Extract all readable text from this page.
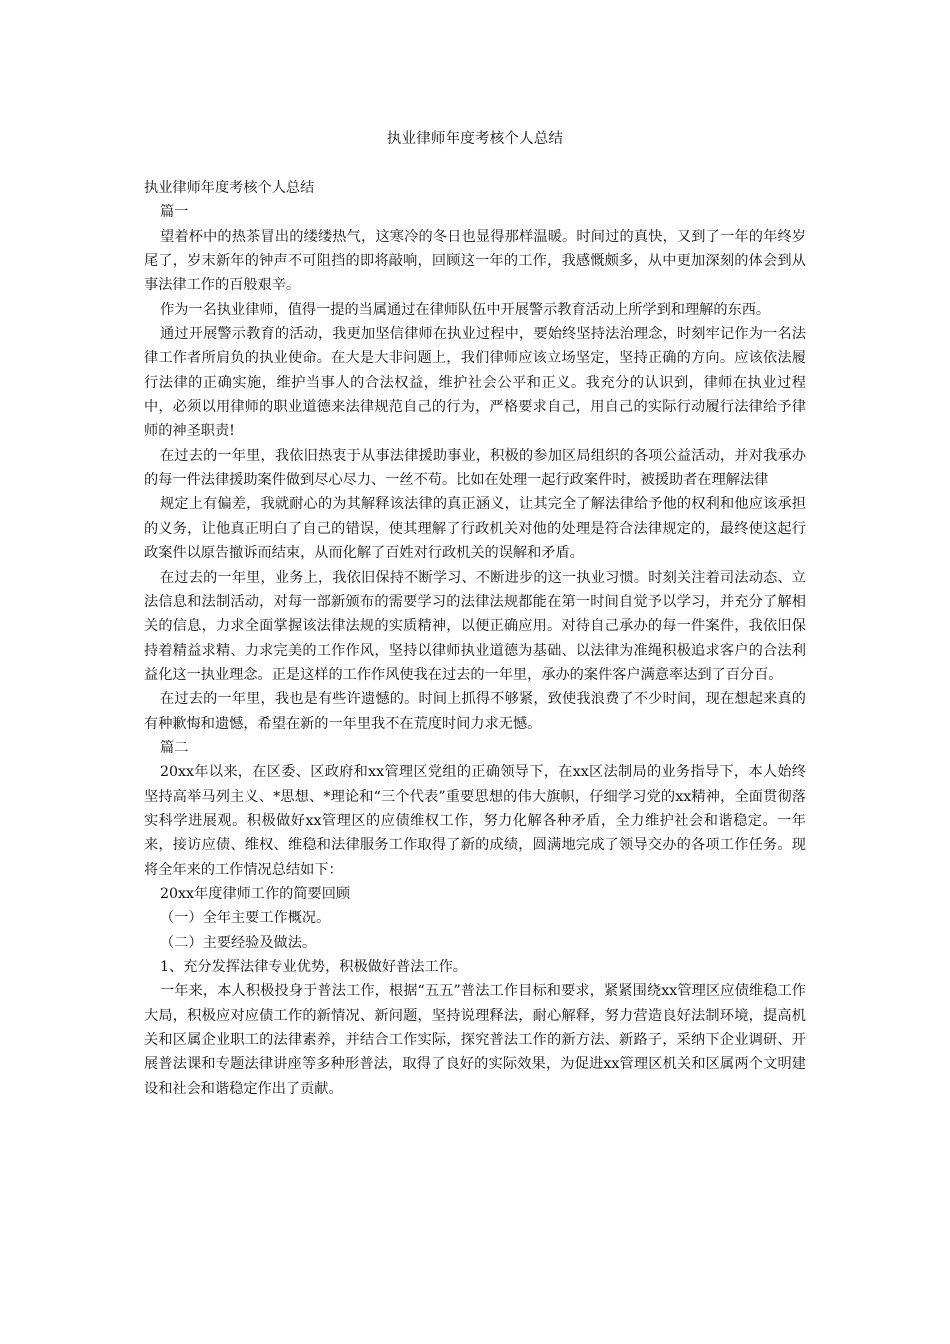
执业律师年度考核个人总结

执业律师年度考核个人总结

篇一

望着杯中的热茶冒出的缕缕热气，这寒冷的冬日也显得那样温暖。时间过的真快，又到了一年的年终岁尾了，岁末新年的钟声不可阻挡的即将敲响，回顾这一年的工作，我感慨颇多，从中更加深刻的体会到从事法律工作的百般艰辛。

作为一名执业律师，值得一提的当属通过在律师队伍中开展警示教育活动上所学到和理解的东西。

通过开展警示教育的活动，我更加坚信律师在执业过程中，要始终坚持法治理念，时刻牢记作为一名法律工作者所肩负的执业使命。在大是大非问题上，我们律师应该立场坚定，坚持正确的方向。应该依法履行法律的正确实施，维护当事人的合法权益，维护社会公平和正义。我充分的认识到，律师在执业过程中，必须以用律师的职业道德来法律规范自己的行为，严格要求自己，用自己的实际行动履行法律给予律师的神圣职责!

在过去的一年里，我依旧热衷于从事法律援助事业，积极的参加区局组织的各项公益活动，并对我承办的每一件法律援助案件做到尽心尽力、一丝不苟。比如在处理一起行政案件时，被援助者在理解法律

规定上有偏差，我就耐心的为其解释该法律的真正涵义，让其完全了解法律给予他的权利和他应该承担的义务，让他真正明白了自己的错误，使其理解了行政机关对他的处理是符合法律规定的，最终使这起行政案件以原告撤诉而结束，从而化解了百姓对行政机关的误解和矛盾。

在过去的一年里，业务上，我依旧保持不断学习、不断进步的这一执业习惯。时刻关注着司法动态、立法信息和法制活动，对每一部新颁布的需要学习的法律法规都能在第一时间自觉予以学习，并充分了解相关的信息，力求全面掌握该法律法规的实质精神，以便正确应用。对待自己承办的每一件案件，我依旧保持着精益求精、力求完美的工作作风，坚持以律师执业道德为基础、以法律为准绳积极追求客户的合法利益化这一执业理念。正是这样的工作作风使我在过去的一年里，承办的案件客户满意率达到了百分百。

在过去的一年里，我也是有些许遗憾的。时间上抓得不够紧，致使我浪费了不少时间，现在想起来真的有种歉悔和遗憾，希望在新的一年里我不在荒度时间力求无憾。

篇二

20xx年以来，在区委、区政府和xx管理区党组的正确领导下，在xx区法制局的业务指导下，本人始终坚持高举马列主义、*思想、*理论和“三个代表”重要思想的伟大旗帜，仔细学习党的xx精神，全面贯彻落实科学进展观。积极做好xx管理区的应债维权工作，努力化解各种矛盾，全力维护社会和谐稳定。一年来，接访应债、维权、维稳和法律服务工作取得了新的成绩，圆满地完成了领导交办的各项工作任务。现将全年来的工作情况总结如下：

20xx年度律师工作的简要回顾

（一）全年主要工作概况。

（二）主要经验及做法。

1、充分发挥法律专业优势，积极做好普法工作。

一年来，本人积极投身于普法工作，根据“五五”普法工作目标和要求，紧紧围绕xx管理区应债维稳工作大局，积极应对应债工作的新情况、新问题，坚持说理释法，耐心解释，努力营造良好法制环境，提高机关和区属企业职工的法律素养，并结合工作实际，探究普法工作的新方法、新路子，采纳下企业调研、开展普法课和专题法律讲座等多种形普法，取得了良好的实际效果，为促进xx管理区机关和区属两个文明建设和社会和谐稳定作出了贡献。
